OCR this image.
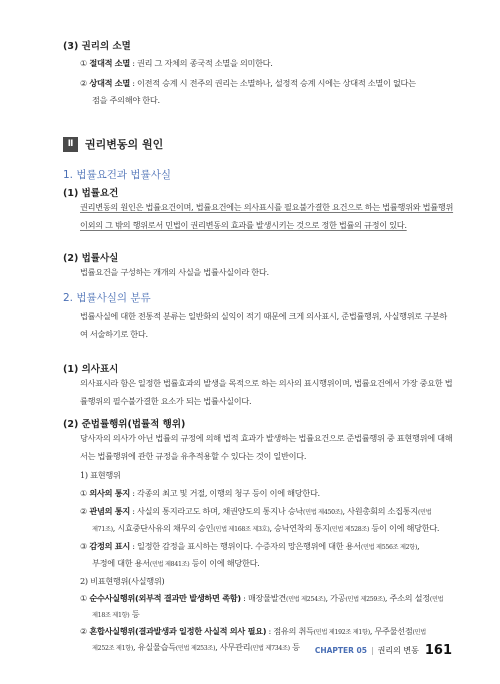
(3) 권리의 소멸
① 절대적 소멸 : 권리 그 자체의 종국적 소멸을 의미한다.
② 상대적 소멸 : 이전적 승계 시 전주의 권리는 소멸하나, 설정적 승계 시에는 상대적 소멸이 없다는
점을 주의해야 한다.
Ⅱ	권리변동의 원인
1. 법률요건과 법률사실
(1) 법률요건
권리변동의 원인은 법률요건이며, 법률요건에는 의사표시를 필요불가결한 요건으로 하는 법률행위와 법률행위 이외의 그 밖의 행위로서 민법이 권리변동의 효과를 발생시키는 것으로 정한 법률의 규정이 있다.
(2) 법률사실
법률요건을 구성하는 개개의 사실을 법률사실이라 한다.
2. 법률사실의 분류
법률사실에 대한 전통적 분류는 일반화의 실익이 적기 때문에 크게 의사표시, 준법률행위, 사실행위로 구분하여 서술하기로 한다.
(1) 의사표시
의사표시라 함은 일정한 법률효과의 발생을 목적으로 하는 의사의 표시행위이며, 법률요건에서 가장 중요한 법률행위의 필수불가결한 요소가 되는 법률사실이다.
(2) 준법률행위(법률적 행위)
당사자의 의사가 아닌 법률의 규정에 의해 법적 효과가 발생하는 법률요건으로 준법률행위 중 표현행위에 대해서는 법률행위에 관한 규정을 유추적용할 수 있다는 것이 일반이다.
1) 표현행위
① 의사의 통지 : 각종의 최고 및 거절, 이행의 청구 등이 이에 해당한다.
② 관념의 통지 : 사실의 통지라고도 하며, 채권양도의 통지나 승낙(민법 제450조), 사원총회의 소집통지(민법
제71조), 시효중단사유의 채무의 승인(민법 제168조 제3호), 승낙연착의 통지(민법 제528조) 등이 이에 해당한다.
③ 감정의 표시 : 일정한 감정을 표시하는 행위이다. 수증자의 망은행위에 대한 용서(민법 제556조 제2항),
부정에 대한 용서(민법 제841조) 등이 이에 해당한다.
2) 비표현행위(사실행위)
① 순수사실행위(외부적 결과만 발생하면 족함) : 매장물발견(민법 제254조), 가공(민법 제259조), 주소의 설정(민법
제18조 제1항) 등
② 혼합사실행위(결과발생과 일정한 사실적 의사 필요) : 점유의 취득(민법 제192조 제1항), 무주물선점(민법
제252조 제1항), 유실물습득(민법 제253조), 사무관리(민법 제734조) 등 CHAPTER 05 | 권리의 변동 161
